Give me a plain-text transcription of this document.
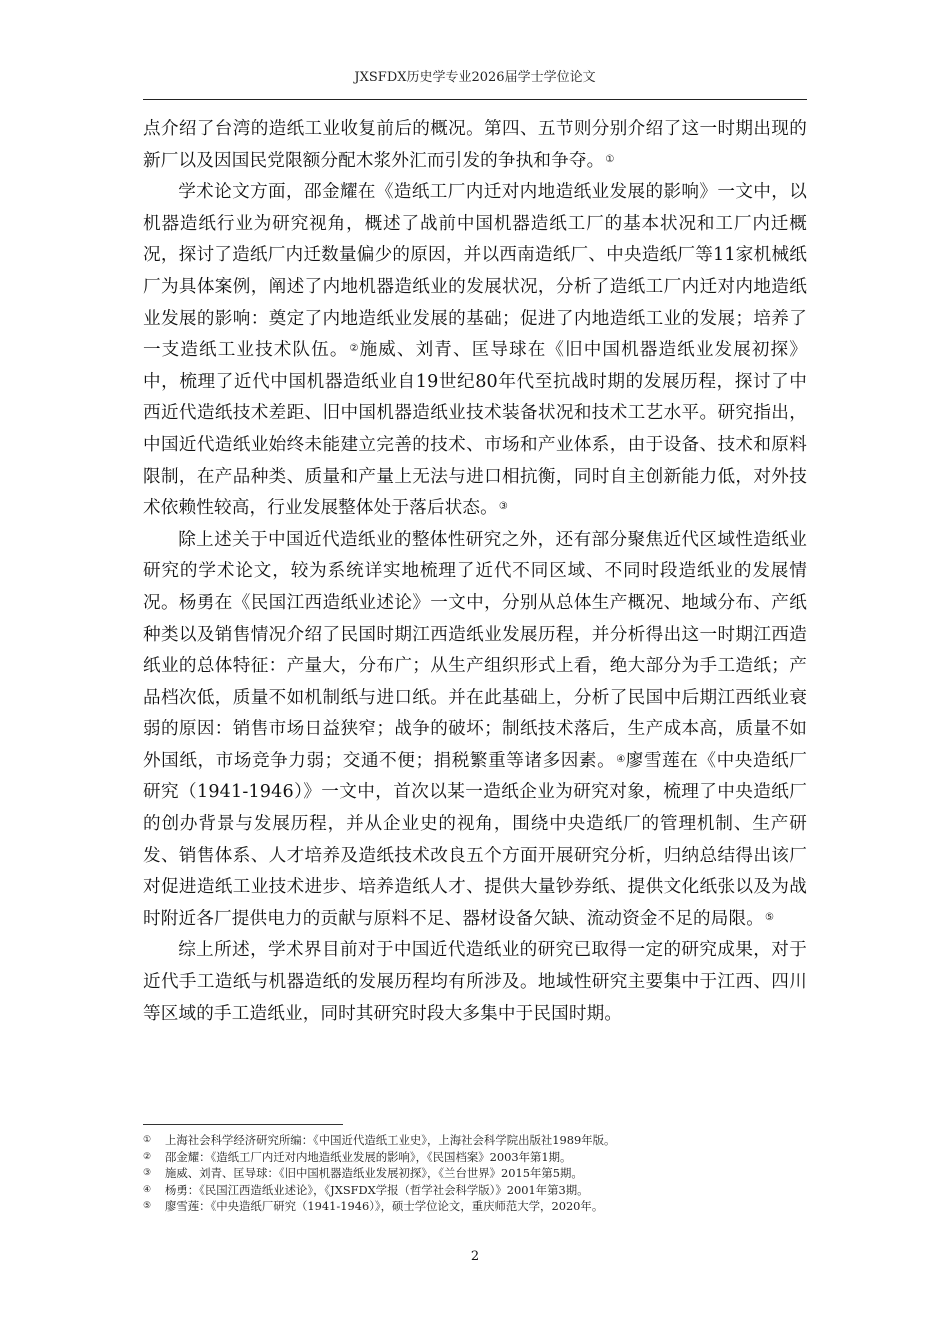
JXSFDX历史学专业2026届学士学位论文

点介绍了台湾的造纸工业收复前后的概况。第四、五节则分别介绍了这一时期出现的新厂以及因国民党限额分配木浆外汇而引发的争执和争夺。①

学术论文方面，邵金耀在《造纸工厂内迁对内地造纸业发展的影响》一文中，以机器造纸行业为研究视角，概述了战前中国机器造纸工厂的基本状况和工厂内迁概况，探讨了造纸厂内迁数量偏少的原因，并以西南造纸厂、中央造纸厂等11家机械纸厂为具体案例，阐述了内地机器造纸业的发展状况，分析了造纸工厂内迁对内地造纸业发展的影响：奠定了内地造纸业发展的基础；促进了内地造纸工业的发展；培养了一支造纸工业技术队伍。②施威、刘青、匡导球在《旧中国机器造纸业发展初探》中，梳理了近代中国机器造纸业自19世纪80年代至抗战时期的发展历程，探讨了中西近代造纸技术差距、旧中国机器造纸业技术装备状况和技术工艺水平。研究指出，中国近代造纸业始终未能建立完善的技术、市场和产业体系，由于设备、技术和原料限制，在产品种类、质量和产量上无法与进口相抗衡，同时自主创新能力低，对外技术依赖性较高，行业发展整体处于落后状态。③

除上述关于中国近代造纸业的整体性研究之外，还有部分聚焦近代区域性造纸业研究的学术论文，较为系统详实地梳理了近代不同区域、不同时段造纸业的发展情况。杨勇在《民国江西造纸业述论》一文中，分别从总体生产概况、地域分布、产纸种类以及销售情况介绍了民国时期江西造纸业发展历程，并分析得出这一时期江西造纸业的总体特征：产量大，分布广；从生产组织形式上看，绝大部分为手工造纸；产品档次低，质量不如机制纸与进口纸。并在此基础上，分析了民国中后期江西纸业衰弱的原因：销售市场日益狭窄；战争的破坏；制纸技术落后，生产成本高，质量不如外国纸，市场竞争力弱；交通不便；捐税繁重等诸多因素。④廖雪莲在《中央造纸厂研究（1941-1946）》一文中，首次以某一造纸企业为研究对象，梳理了中央造纸厂的创办背景与发展历程，并从企业史的视角，围绕中央造纸厂的管理机制、生产研发、销售体系、人才培养及造纸技术改良五个方面开展研究分析，归纳总结得出该厂对促进造纸工业技术进步、培养造纸人才、提供大量钞券纸、提供文化纸张以及为战时附近各厂提供电力的贡献与原料不足、器材设备欠缺、流动资金不足的局限。⑤

综上所述，学术界目前对于中国近代造纸业的研究已取得一定的研究成果，对于近代手工造纸与机器造纸的发展历程均有所涉及。地域性研究主要集中于江西、四川等区域的手工造纸业，同时其研究时段大多集中于民国时期。

① 上海社会科学经济研究所编：《中国近代造纸工业史》，上海社会科学院出版社1989年版。
② 邵金耀：《造纸工厂内迁对内地造纸业发展的影响》，《民国档案》2003年第1期。
③ 施威、刘青、匡导球：《旧中国机器造纸业发展初探》，《兰台世界》2015年第5期。
④ 杨勇：《民国江西造纸业述论》，《JXSFDX学报（哲学社会科学版）》2001年第3期。
⑤ 廖雪莲：《中央造纸厂研究（1941-1946）》，硕士学位论文，重庆师范大学，2020年。
2
